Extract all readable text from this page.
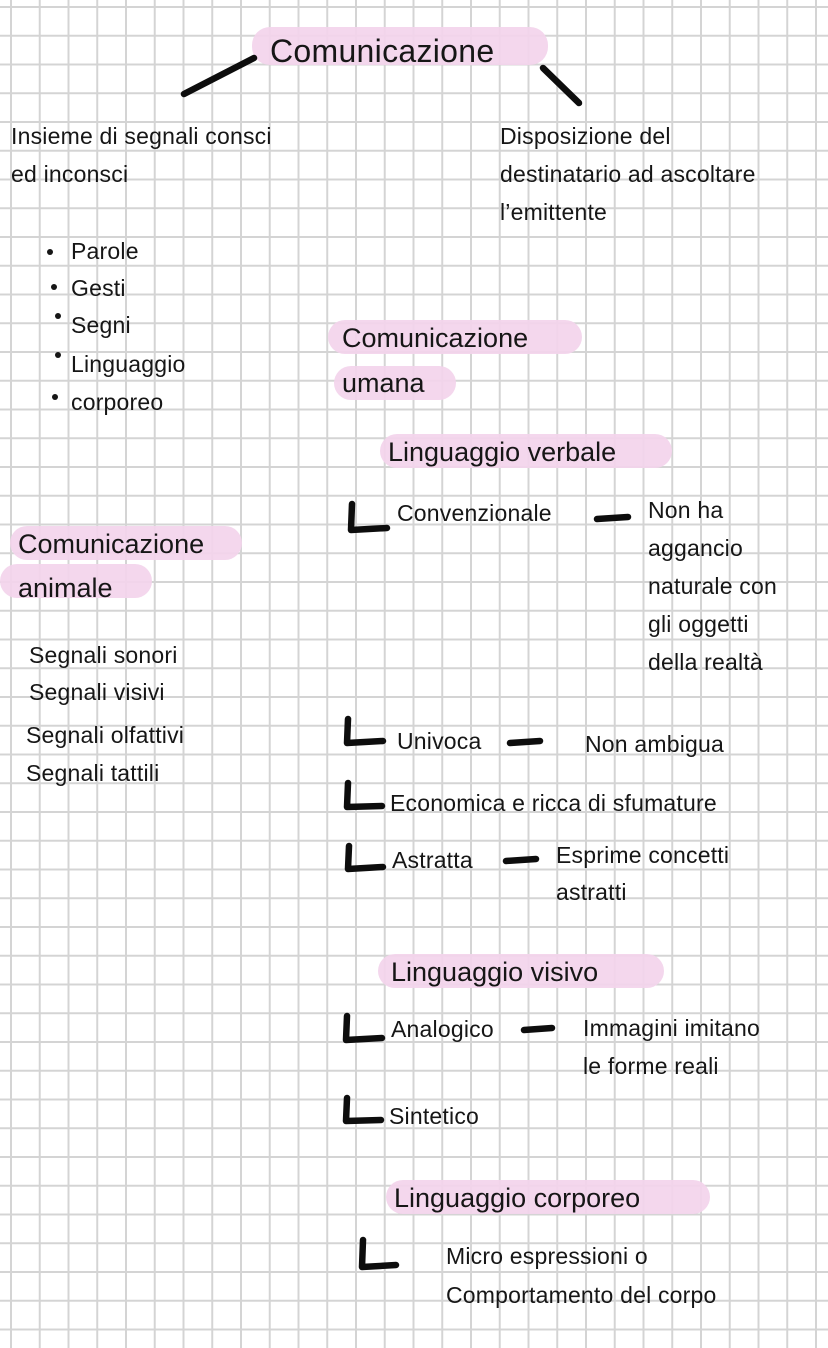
Comunicazione
Insieme di segnali consci
ed inconsci
Disposizione del
destinatario ad ascoltare
l’emittente
Parole
Gesti
Segni
Linguaggio
corporeo
Comunicazione
umana
Linguaggio verbale
Convenzionale	Non ha
aggancio
naturale con
gli oggetti
della realtà
Univoca	Non ambigua
Economica e ricca di sfumature
Astratta	Esprime concetti
astratti
Comunicazione
animale
Segnali sonori
Segnali visivi
Segnali olfattivi
Segnali tattili
Linguaggio visivo
Analogico	Immagini imitano
le forme reali
Sintetico
Linguaggio corporeo
Micro espressioni o
Comportamento del corpo
